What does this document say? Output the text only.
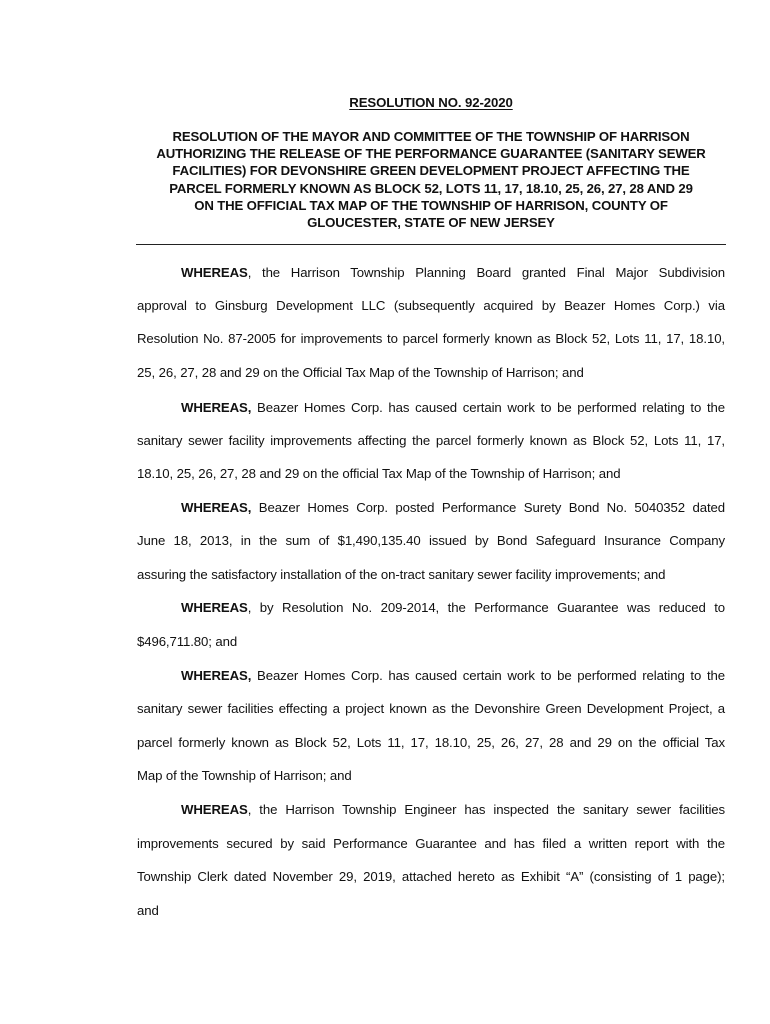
RESOLUTION NO. 92-2020
RESOLUTION OF THE MAYOR AND COMMITTEE OF THE TOWNSHIP OF HARRISON
AUTHORIZING THE RELEASE OF THE PERFORMANCE GUARANTEE (SANITARY SEWER
FACILITIES) FOR DEVONSHIRE GREEN DEVELOPMENT PROJECT AFFECTING THE
PARCEL FORMERLY KNOWN AS BLOCK 52, LOTS 11, 17, 18.10, 25, 26, 27, 28 AND 29
ON THE OFFICIAL TAX MAP OF THE TOWNSHIP OF HARRISON, COUNTY OF
GLOUCESTER, STATE OF NEW JERSEY
WHEREAS, the Harrison Township Planning Board granted Final Major Subdivision
approval to Ginsburg Development LLC (subsequently acquired by Beazer Homes Corp.) via
Resolution No. 87-2005 for improvements to parcel formerly known as Block 52, Lots 11, 17, 18.10,
25, 26, 27, 28 and 29 on the Official Tax Map of the Township of Harrison; and
WHEREAS, Beazer Homes Corp. has caused certain work to be performed relating to the
sanitary sewer facility improvements affecting the parcel formerly known as Block 52, Lots 11, 17,
18.10, 25, 26, 27, 28 and 29 on the official Tax Map of the Township of Harrison; and
WHEREAS, Beazer Homes Corp. posted Performance Surety Bond No. 5040352 dated
June 18, 2013, in the sum of $1,490,135.40 issued by Bond Safeguard Insurance Company
assuring the satisfactory installation of the on-tract sanitary sewer facility improvements; and
WHEREAS, by Resolution No. 209-2014, the Performance Guarantee was reduced to
$496,711.80; and
WHEREAS, Beazer Homes Corp. has caused certain work to be performed relating to the
sanitary sewer facilities effecting a project known as the Devonshire Green Development Project, a
parcel formerly known as Block 52, Lots 11, 17, 18.10, 25, 26, 27, 28 and 29 on the official Tax
Map of the Township of Harrison; and
WHEREAS, the Harrison Township Engineer has inspected the sanitary sewer facilities
improvements secured by said Performance Guarantee and has filed a written report with the
Township Clerk dated November 29, 2019, attached hereto as Exhibit “A” (consisting of 1 page);
and
